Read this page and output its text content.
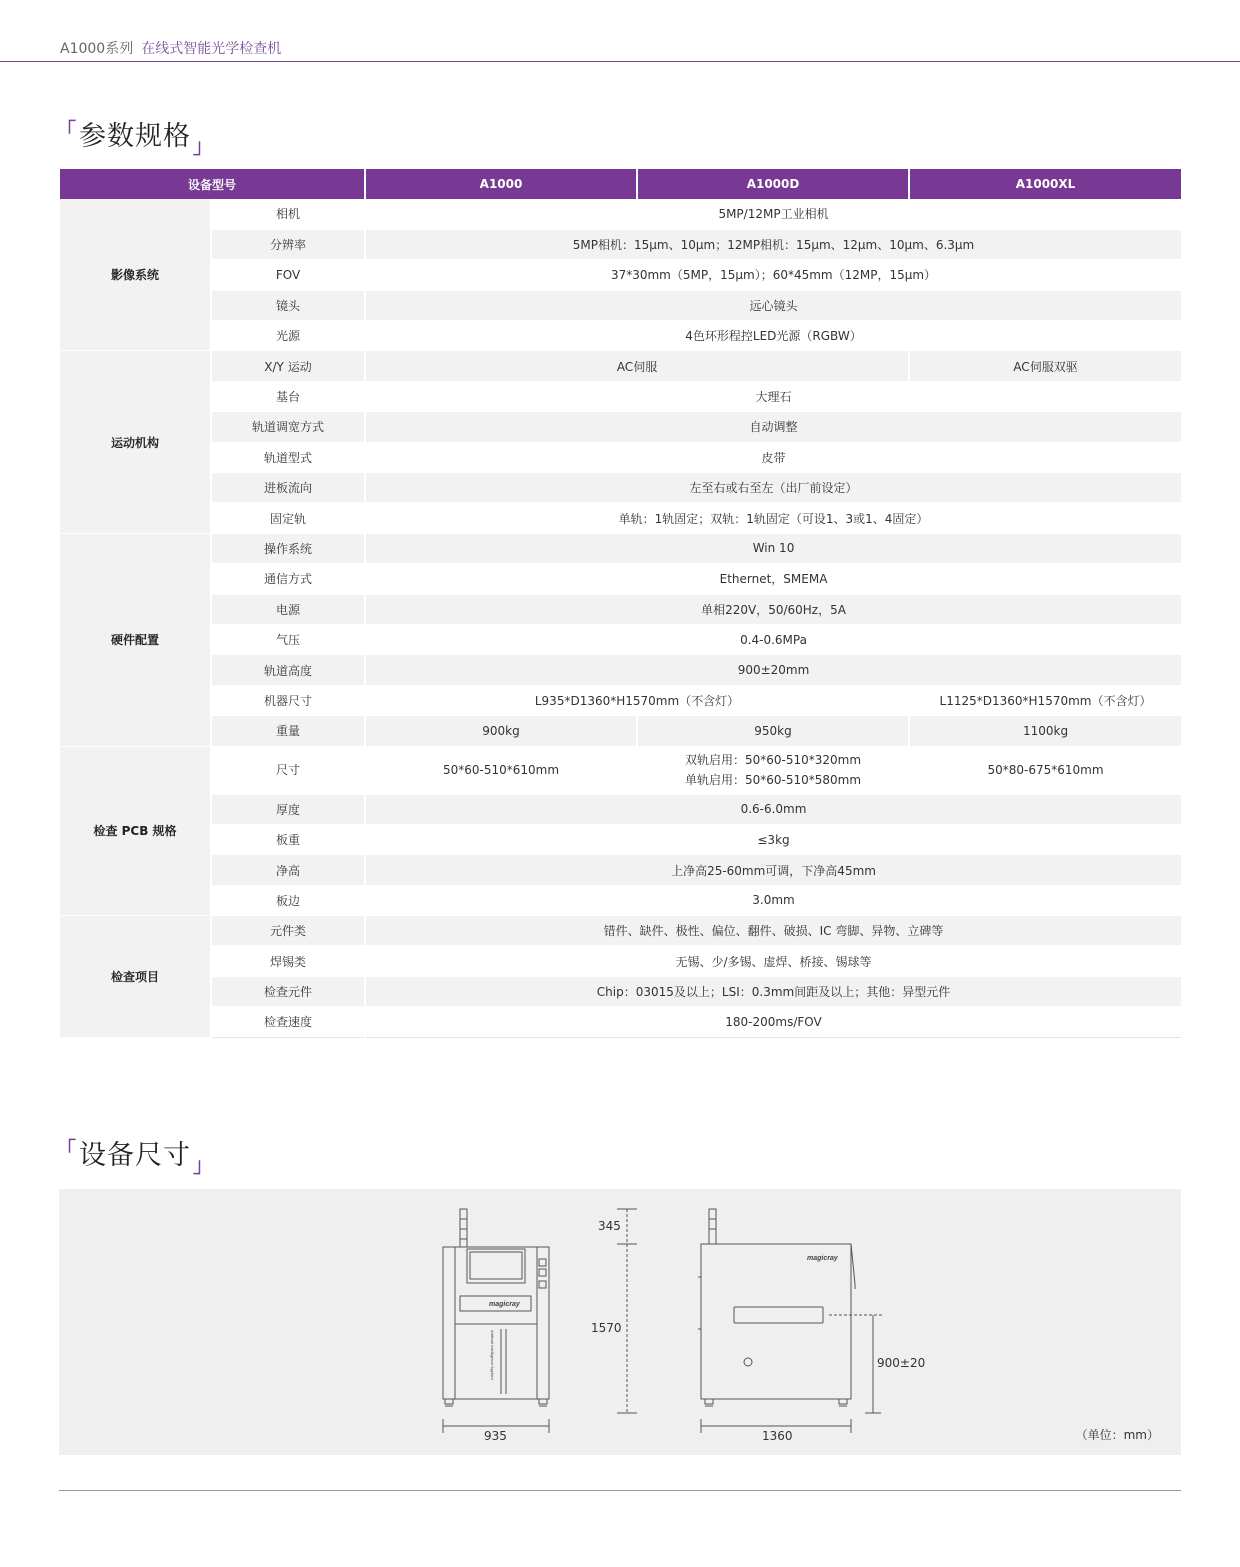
A1000系列 在线式智能光学检查机
「参数规格 $_」$
设备型号		A1000	A1000D	A1000XL
影像系统	相机	5MP/12MP工业相机		
	分辨率	5MP相机：15μm、10μm；12MP相机：15μm、12μm、10μm、6.3μm		
	FOV	37*30mm（5MP，15μm）；60*45mm（12MP，15μm）		
	镜头	远心镜头		
	光源	4色环形程控LED光源（RGBW）		
运动机构	X/Y 运动	AC伺服		AC伺服双驱
	基台	大理石		
	轨道调宽方式	自动调整		
	轨道型式	皮带		
	进板流向	左至右或右至左（出厂前设定）		
	固定轨	单轨：1轨固定；双轨：1轨固定（可设1、3或1、4固定）		
硬件配置	操作系统	Win 10		
	通信方式	Ethernet，SMEMA		
	电源	单相220V，50/60Hz，5A		
	气压	0.4-0.6MPa		
	轨道高度	900±20mm		
	机器尺寸	L935*D1360*H1570mm（不含灯）		L1125*D1360*H1570mm（不含灯）
	重量	900kg	950kg	1100kg
检查 PCB 规格	尺寸	50*60-510*610mm	双轨启用：50*60-510*320mm
单轨启用：50*60-510*580mm	50*80-675*610mm
	厚度	0.6-6.0mm		
	板重	≤3kg		
	净高	上净高25-60mm可调，下净高45mm		
	板边	3.0mm		
检查项目	元件类	错件、缺件、极性、偏位、翻件、破损、IC 弯脚、异物、立碑等		
	焊锡类	无锡、少/多锡、虚焊、桥接、锡球等		
	检查元件	Chip：03015及以上；LSI：0.3mm间距及以上；其他：异型元件		
	检查速度	180-200ms/FOV		
「设备尺寸 $_」$
magicray
magicray
Artificial Intelligence Applied
345
1570
935	1360
900±20
（单位：mm）
